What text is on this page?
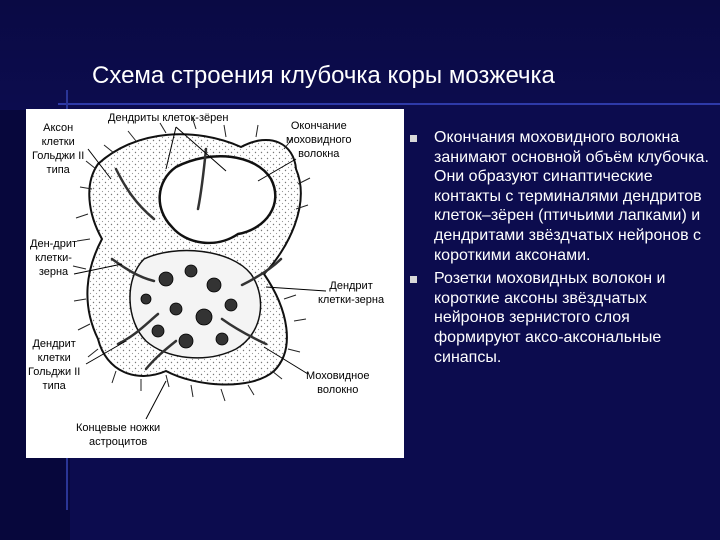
Схема строения клубочка коры мозжечка
Аксон
клетки
Гольджи II
типа
Дендриты клеток-зёрен
Окончание
моховидного
волокна
Ден-дрит
клетки-
зерна
Дендрит
клетки-зерна
Дендрит
клетки
Гольджи II
типа
Моховидное
волокно
Концевые ножки
астроцитов
Окончания моховидного волокна занимают основной объём клубочка. Они образуют синаптические контакты с терминалями дендритов клеток–зёрен (птичьими лапками) и дендритами звёздчатых нейронов с короткими аксонами.
Розетки моховидных волокон и короткие аксоны звёздчатых нейронов зернистого слоя формируют аксо-аксональные синапсы.
